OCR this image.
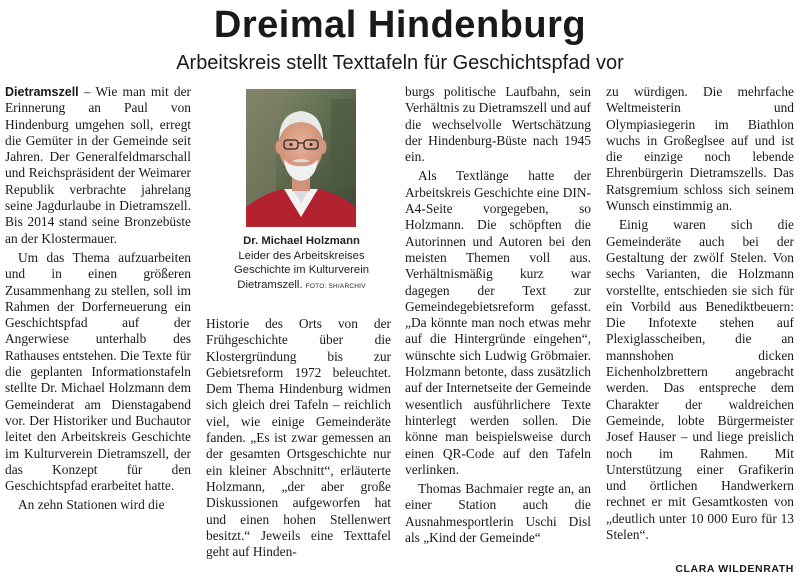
Dreimal Hindenburg
Arbeitskreis stellt Texttafeln für Geschichtspfad vor

Dietramszell – Wie man mit der Erinnerung an Paul von Hindenburg umgehen soll, erregt die Gemüter in der Gemeinde seit Jahren. Der Generalfeldmarschall und Reichspräsident der Weimarer Republik verbrachte jahrelang seine Jagdurlaube in Dietramszell. Bis 2014 stand seine Bronzebüste an der Klostermauer.

Um das Thema aufzuarbeiten und in einen größeren Zusammenhang zu stellen, soll im Rahmen der Dorferneuerung ein Geschichtspfad auf der Angerwiese unterhalb des Rathauses entstehen. Die Texte für die geplanten Informationstafeln stellte Dr. Michael Holzmann dem Gemeinderat am Dienstagabend vor. Der Historiker und Buchautor leitet den Arbeitskreis Geschichte im Kulturverein Dietramszell, der das Konzept für den Geschichtspfad erarbeitet hatte.

An zehn Stationen wird die

Dr. Michael Holzmann
Leider des Arbeitskreises Geschichte im Kulturverein Dietramszell. FOTO: SH/ARCHIV

Historie des Orts von der Frühgeschichte über die Klostergründung bis zur Gebietsreform 1972 beleuchtet. Dem Thema Hindenburg widmen sich gleich drei Tafeln – reichlich viel, wie einige Gemeinderäte fanden. „Es ist zwar gemessen an der gesamten Ortsgeschichte nur ein kleiner Abschnitt“, erläuterte Holzmann, „der aber große Diskussionen aufgeworfen hat und einen hohen Stellenwert besitzt.“ Jeweils eine Texttafel geht auf Hinden-

burgs politische Laufbahn, sein Verhältnis zu Dietramszell und auf die wechselvolle Wertschätzung der Hindenburg-Büste nach 1945 ein.

Als Textlänge hatte der Arbeitskreis Geschichte eine DIN-A4-Seite vorgegeben, so Holzmann. Die schöpften die Autorinnen und Autoren bei den meisten Themen voll aus. Verhältnismäßig kurz war dagegen der Text zur Gemeindegebietsreform gefasst. „Da könnte man noch etwas mehr auf die Hintergründe eingehen“, wünschte sich Ludwig Gröbmaier. Holzmann betonte, dass zusätzlich auf der Internetseite der Gemeinde wesentlich ausführlichere Texte hinterlegt werden sollen. Die könne man beispielsweise durch einen QR-Code auf den Tafeln verlinken.

Thomas Bachmaier regte an, an einer Station auch die Ausnahmesportlerin Uschi Disl als „Kind der Gemeinde“

zu würdigen. Die mehrfache Weltmeisterin und Olympiasiegerin im Biathlon wuchs in Großeglsee auf und ist die einzige noch lebende Ehrenbürgerin Dietramszells. Das Ratsgremium schloss sich seinem Wunsch einstimmig an.

Einig waren sich die Gemeinderäte auch bei der Gestaltung der zwölf Stelen. Von sechs Varianten, die Holzmann vorstellte, entschieden sie sich für ein Vorbild aus Benediktbeuern: Die Infotexte stehen auf Plexiglasscheiben, die an mannshohen dicken Eichenholzbrettern angebracht werden. Das entspreche dem Charakter der waldreichen Gemeinde, lobte Bürgermeister Josef Hauser – und liege preislich noch im Rahmen. Mit Unterstützung einer Grafikerin und örtlichen Handwerkern rechnet er mit Gesamtkosten von „deutlich unter 10 000 Euro für 13 Stelen“.

CLARA WILDENRATH
